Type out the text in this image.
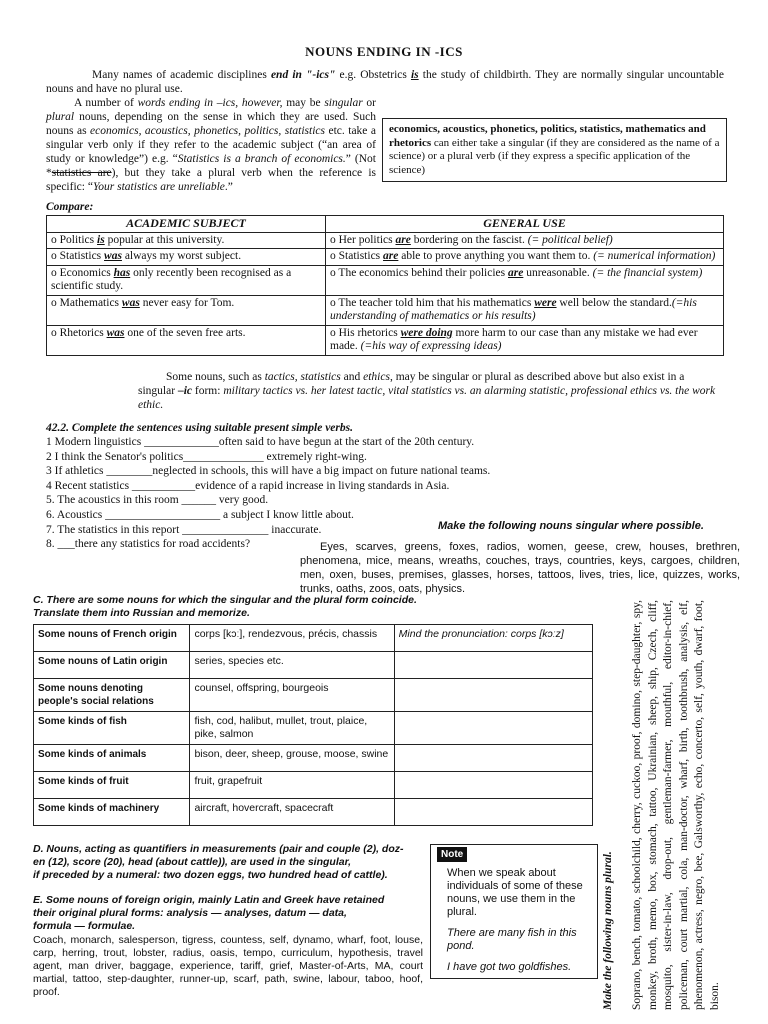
NOUNS ENDING IN -ICS
Many names of academic disciplines end in "-ics" e.g. Obstetrics is the study of childbirth. They are normally singular uncountable nouns and have no plural use.
A number of words ending in –ics, however, may be singular or plural nouns, depending on the sense in which they are used. Such nouns as economics, acoustics, phonetics, politics, statistics etc. take a singular verb only if they refer to the academic subject (“an area of study or knowledge”) e.g. “Statistics is a branch of economics.” (Not *statistics are), but they take a plural verb when the reference is specific: “Your statistics are unreliable.”
economics, acoustics, phonetics, politics, statistics, mathematics and rhetorics can either take a singular (if they are considered as the name of a science) or a plural verb (if they express a specific application of the science)
Compare:
ACADEMIC SUBJECT	GENERAL USE
o Politics is popular at this university.	o Her politics are bordering on the fascist. (= political belief)
o Statistics was always my worst subject.	o Statistics are able to prove anything you want them to. (= numerical information)
o Economics has only recently been recognised as a scientific study.	o The economics behind their policies are unreasonable. (= the financial system)
o Mathematics was never easy for Tom.	o The teacher told him that his mathematics were well below the standard.(=his understanding of mathematics or his results)
o Rhetorics was one of the seven free arts.	o His rhetorics were doing more harm to our case than any mistake we had ever made. (=his way of expressing ideas)
Some nouns, such as tactics, statistics and ethics, may be singular or plural as described above but also exist in a singular –ic form: military tactics vs. her latest tactic, vital statistics vs. an alarming statistic, professional ethics vs. the work ethic.
42.2. Complete the sentences using suitable present simple verbs.
1 Modern linguistics _____________often said to have begun at the start of the 20th century.
2 I think the Senator's politics______________ extremely right-wing.
3 If athletics ________neglected in schools, this will have a big impact on future national teams.
4 Recent statistics ___________evidence of a rapid increase in living standards in Asia.
5. The acoustics in this room ______ very good.
6. Acoustics ____________________ a subject I know little about.
7. The statistics in this report _______________ inaccurate.
8. ___there any statistics for road accidents?
Make the following nouns singular where possible.
Eyes, scarves, greens, foxes, radios, women, geese, crew, houses, brethren, phenomena, mice, means, wreaths, couches, trays, countries, keys, cargoes, children, men, oxen, buses, premises, glasses, horses, tattoos, lives, tries, lice, quizzes, works, trunks, oaths, zoos, oats, physics.
C. There are some nouns for which the singular and the plural form coincide.
Translate them into Russian and memorize.
Some nouns of French origin	corps [kɔː], rendezvous, précis, chassis	Mind the pronunciation: corps [kɔːz]
Some nouns of Latin origin	series, species etc.	
Some nouns denoting people's social relations	counsel, offspring, bourgeois	
Some kinds of fish	fish, cod, halibut, mullet, trout, plaice, pike, salmon	
Some kinds of animals	bison, deer, sheep, grouse, moose, swine	
Some kinds of fruit	fruit, grapefruit	
Some kinds of machinery	aircraft, hovercraft, spacecraft	
D. Nouns, acting as quantifiers in measurements (pair and couple (2), doz-
en (12), score (20), head (about cattle)), are used in the singular,
if preceded by a numeral: two dozen eggs, two hundred head of cattle).
E. Some nouns of foreign origin, mainly Latin and Greek have retained
their original plural forms: analysis — analyses, datum — data,
formula — formulae.
Coach, monarch, salesperson, tigress, countess, self, dynamo, wharf, foot, louse, carp, herring, trout, lobster, radius, oasis, tempo, curriculum, hypothesis, travel agent, man driver, baggage, experience, tariff, grief, Master-of-Arts, MA, court martial, tattoo, step-daughter, runner-up, scarf, path, swine, labour, taboo, hoof, proof.
Note
When we speak about individuals of some of these nouns, we use them in the plural.
There are many fish in this pond.
I have got two goldfishes.	Make the following nouns plural. Soprano, bench, tomato, schoolchild, cherry, cuckoo, proof, domino, step-daughter, spy, monkey, broth, memo, box, stomach, tattoo, Ukrainian, sheep, ship, Czech, cliff, mosquito, sister-in-law, drop-out, gentleman-farmer, mouthful, editor-in-chief, policeman, court martial, cola, man-doctor, wharf, birth, toothbrush, analysis, elf, phenomenon, actress, negro, bee, Galsworthy, echo, concerto, self, youth, dwarf, foot, bison.
